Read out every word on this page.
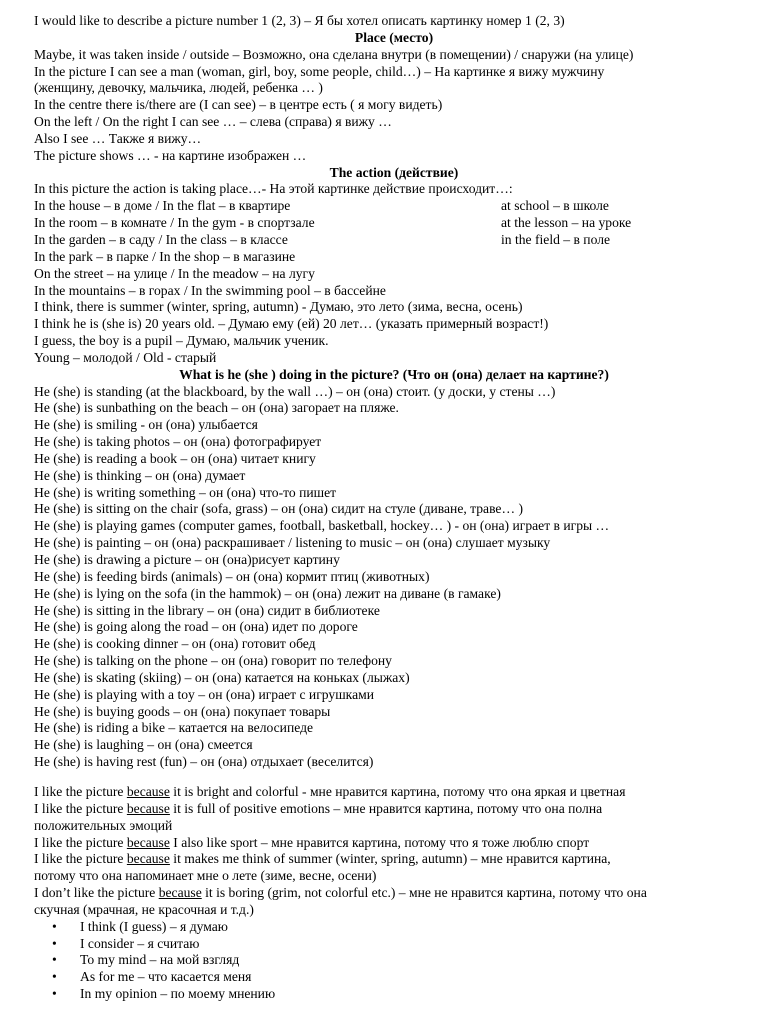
I would like to describe a picture number 1 (2, 3) – Я бы хотел описать картинку номер 1 (2, 3)
Place (место)
Maybe, it was taken inside / outside – Возможно, она сделана внутри (в помещении) / снаружи (на улице)
In the picture I can see a man (woman, girl, boy, some people, child…) – На картинке я вижу мужчину
(женщину, девочку, мальчика, людей, ребенка … )
In the centre there is/there are (I can see) – в центре есть ( я могу видеть)
On the left / On the right I can see … – слева (справа) я вижу …
Also I see … Также я вижу…
The picture shows … - на картине изображен …
The action (действие)
In this picture the action is taking place…- На этой картинке действие происходит…:
In the house – в доме / In the flat – в квартире	at school – в школе
In the room – в комнате / In the gym - в спортзале	at the lesson – на уроке
In the garden – в саду / In the class – в классе	in the field – в поле
In the park – в парке / In the shop – в магазине
On the street – на улице / In the meadow – на лугу
In the mountains – в горах / In the swimming pool – в бассейне
I think, there is summer (winter, spring, autumn) - Думаю, это лето (зима, весна, осень)
I think he is (she is) 20 years old. – Думаю ему (ей) 20 лет… (указать примерный возраст!)
I guess, the boy is a pupil – Думаю, мальчик ученик.
Young – молодой / Old - старый
What is he (she ) doing in the picture? (Что он (она) делает на картине?)
He (she) is standing (at the blackboard, by the wall …) – он (она) стоит. (у доски, у стены …)
He (she) is sunbathing on the beach – он (она) загорает на пляже.
He (she) is smiling - он (она) улыбается
He (she) is taking photos – он (она) фотографирует
He (she) is reading a book – он (она) читает книгу
He (she) is thinking – он (она) думает
He (she) is writing something – он (она) что-то пишет
He (she) is sitting on the chair (sofa, grass) – он (она) сидит на стуле (диване, траве… )
He (she) is playing games (computer games, football, basketball, hockey… ) - он (она) играет в игры …
He (she) is painting – он (она) раскрашивает / listening to music – он (она) слушает музыку
He (she) is drawing a picture – он (она)рисует картину
He (she) is feeding birds (animals) – он (она) кормит птиц (животных)
He (she) is lying on the sofa (in the hammok) – он (она) лежит на диване (в гамаке)
He (she) is sitting in the library – он (она) сидит в библиотеке
He (she) is going along the road – он (она) идет по дороге
He (she) is cooking dinner – он (она) готовит обед
He (she) is talking on the phone – он (она) говорит по телефону
He (she) is skating (skiing) – он (она) катается на коньках (лыжах)
He (she) is playing with a toy – он (она) играет с игрушками
He (she) is buying goods – он (она) покупает товары
He (she) is riding a bike – катается на велосипеде
He (she) is laughing – он (она) смеется
He (she) is having rest (fun) – он (она) отдыхает (веселится)
I like the picture because it is bright and colorful - мне нравится картина, потому что она яркая и цветная
I like the picture because it is full of positive emotions – мне нравится картина, потому что она полна
положительных эмоций
I like the picture because I also like sport – мне нравится картина, потому что я тоже люблю спорт
I like the picture because it makes me think of summer (winter, spring, autumn) – мне нравится картина,
потому что она напоминает мне о лете (зиме, весне, осени)
I don’t like the picture because it is boring (grim, not colorful etc.) – мне не нравится картина, потому что она
скучная (мрачная, не красочная и т.д.)
• I think (I guess) – я думаю
• I consider – я считаю
• To my mind – на мой взгляд
• As for me – что касается меня
• In my opinion – по моему мнению
